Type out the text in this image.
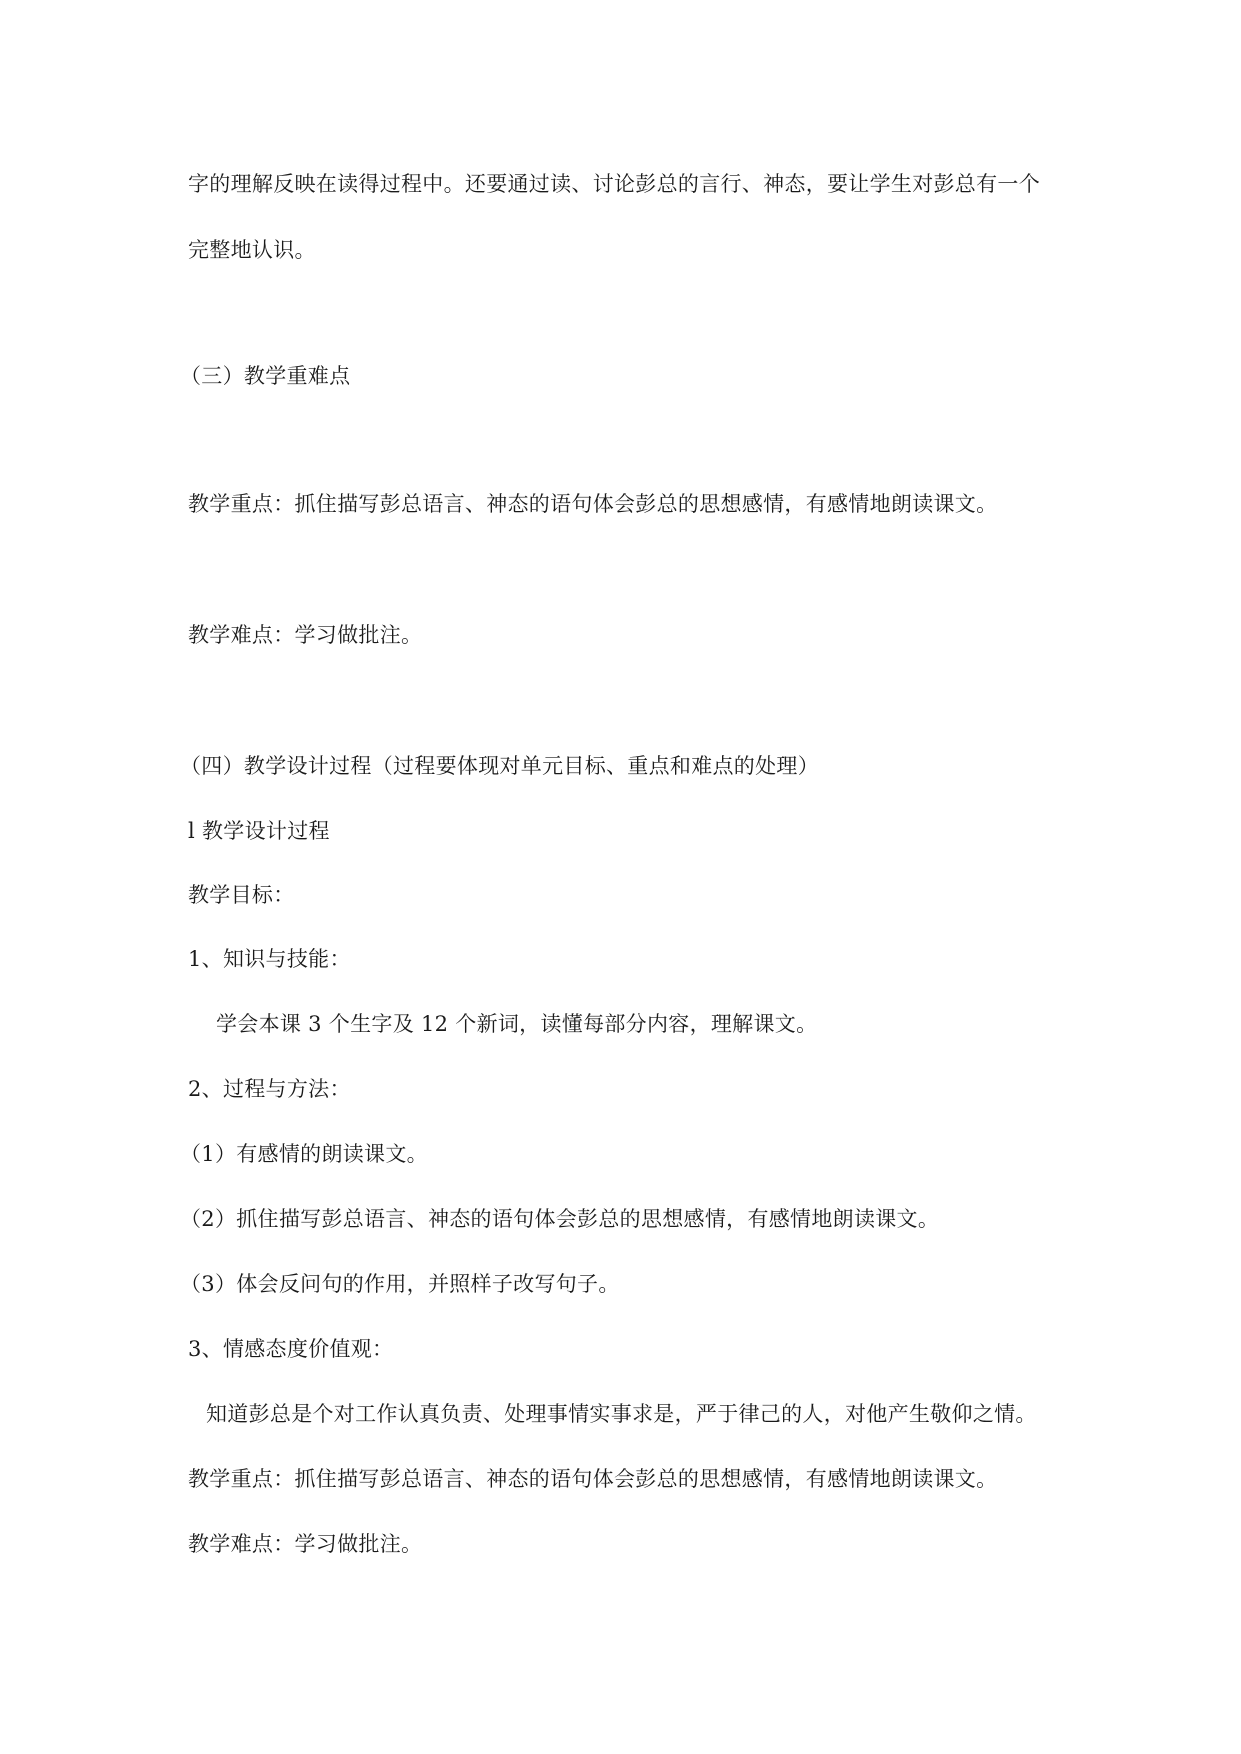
字的理解反映在读得过程中。还要通过读、讨论彭总的言行、神态，要让学生对彭总有一个
完整地认识。
（三）教学重难点
教学重点：抓住描写彭总语言、神态的语句体会彭总的思想感情，有感情地朗读课文。
教学难点：学习做批注。
（四）教学设计过程（过程要体现对单元目标、重点和难点的处理）
l 教学设计过程
教学目标：
1、知识与技能：
学会本课 3 个生字及 12 个新词，读懂每部分内容，理解课文。
2、过程与方法：
（1）有感情的朗读课文。
（2）抓住描写彭总语言、神态的语句体会彭总的思想感情，有感情地朗读课文。
（3）体会反问句的作用，并照样子改写句子。
3、情感态度价值观：
知道彭总是个对工作认真负责、处理事情实事求是，严于律己的人，对他产生敬仰之情。
教学重点：抓住描写彭总语言、神态的语句体会彭总的思想感情，有感情地朗读课文。
教学难点：学习做批注。
